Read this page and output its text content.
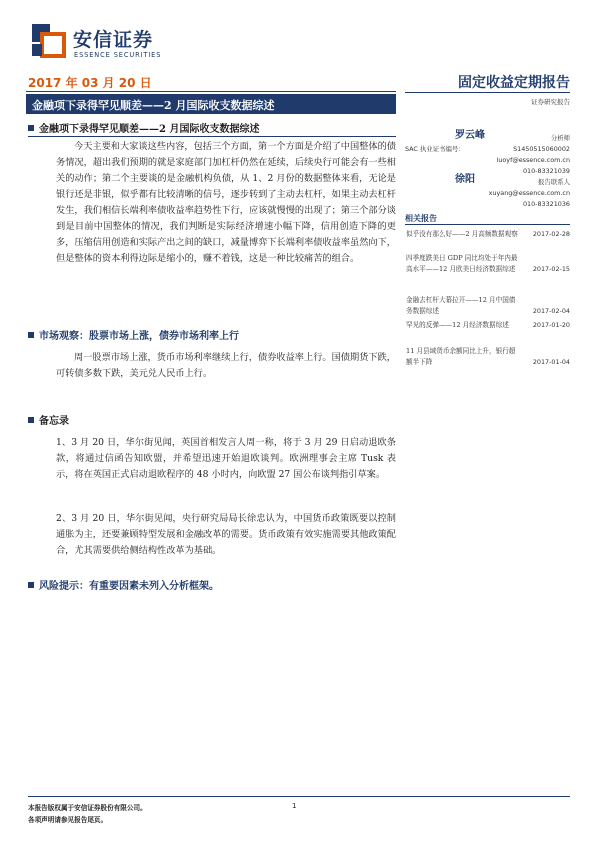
安信证券
ESSENCE SECURITIES
2017 年 03 月 20 日
金融项下录得罕见顺差——2 月国际收支数据综述
固定收益定期报告
证券研究报告
金融项下录得罕见顺差——2 月国际收支数据综述
今天主要和大家谈这些内容，包括三个方面，第一个方面是介绍了中国整体的债务情况，超出我们预期的就是家庭部门加杠杆仍然在延续，后续央行可能会有一些相关的动作；第二个主要谈的是金融机构负债，从 1、2 月份的数据整体来看，无论是银行还是非银，似乎都有比较清晰的信号，逐步转到了主动去杠杆，如果主动去杠杆发生，我们相信长端利率债收益率趋势性下行，应该就慢慢的出现了；第三个部分谈到是目前中国整体的情况，我们判断是实际经济增速小幅下降，信用创造下降的更多，压缩信用创造和实际产出之间的缺口，减量博弈下长端利率债收益率虽然向下，但是整体的资本利得边际是缩小的，赚不着钱，这是一种比较痛苦的组合。
市场观察：股票市场上涨，债券市场利率上行
周一股票市场上涨，货币市场利率继续上行，债券收益率上行。国债期货下跌，可转债多数下跌，美元兑人民币上行。
备忘录
1、3 月 20 日，华尔街见闻，英国首相发言人周一称，将于 3 月 29 日启动退欧条款，将通过信函告知欧盟，并希望迅速开始退欧谈判。欧洲理事会主席 Tusk 表示，将在英国正式启动退欧程序的 48 小时内，向欧盟 27 国公布谈判指引草案。
2、3 月 20 日，华尔街见闻，央行研究局局长徐忠认为，中国货币政策既要以控制通胀为主，还要兼顾特型发展和金融改革的需要。货币政策有效实施需要其他政策配合，尤其需要供给侧结构性改革为基础。
风险提示：有重要因素未列入分析框架。
罗云峰	分析师
SAC 执业证书编号：	S1450515060002
luoyf@essence.com.cn
010-83321039
徐阳	报告联系人
xuyang@essence.com.cn
010-83321036
相关报告
似乎没有那么好——2 月高频数据观察 2017-02-28
四季度跌美日 GDP 同比均处于年内最高水平——12 月欧美日经济数据综述	2017-02-15
金融去杠杆大幕拉开——12 月中国债务数据综述	2017-02-04
罕见的反弹——12 月经济数据综述	2017-01-20
11 月县域货币余额同比上升，银行超额半下降	2017-01-04
本报告版权属于安信证券股份有限公司。
各项声明请参见报告尾页。
1
